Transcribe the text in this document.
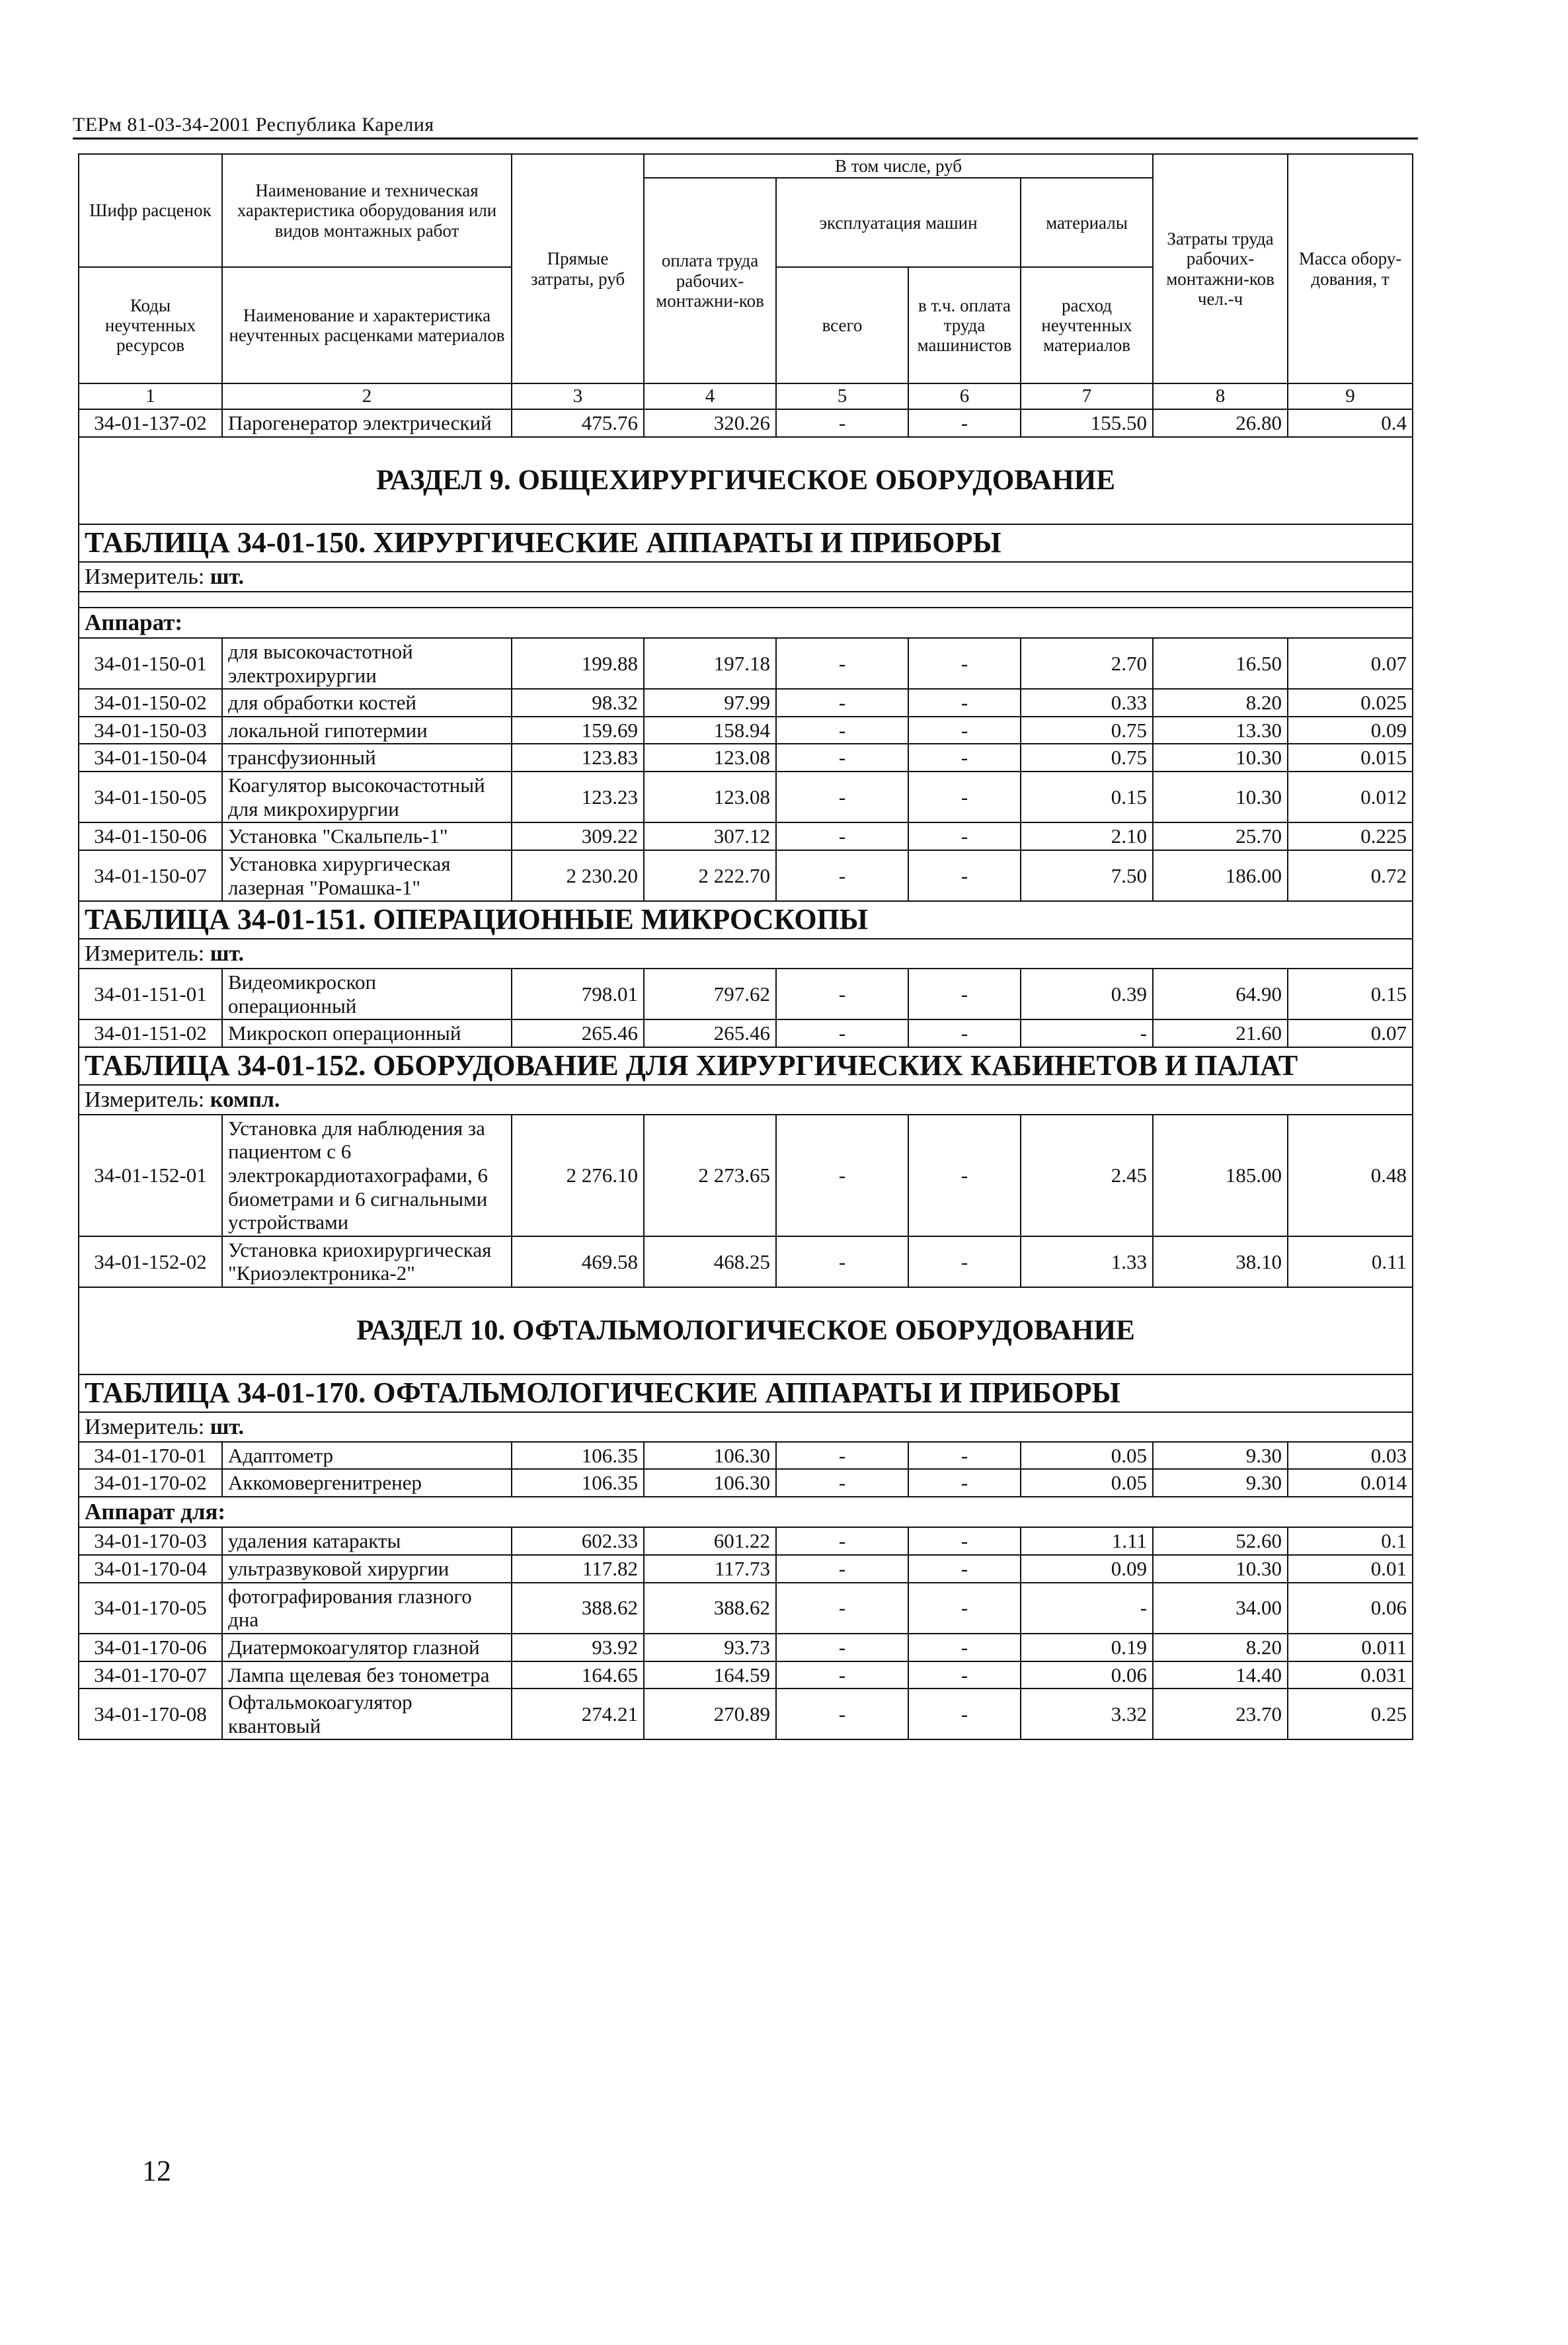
ТЕРм 81-03-34-2001 Республика Карелия
Шифр расценок	Наименование и техническая характеристика оборудования или видов монтажных работ	Прямые затраты, руб	В том числе, руб				Затраты труда рабочих-монтажни-ков чел.-ч	Масса обору-дования, т
			оплата труда рабочих-монтажни-ков	эксплуатация машин		материалы		
Коды неучтенных ресурсов	Наименование и характеристика неучтенных расценками материалов			всего	в т.ч. оплата труда машинистов	расход неучтенных материалов		

1	2	3	4	5	6	7	8	9
34-01-137-02	Парогенератор электрический	475.76	320.26	-	-	155.50	26.80	0.4
РАЗДЕЛ 9. ОБЩЕХИРУРГИЧЕСКОЕ ОБОРУДОВАНИЕ								
ТАБЛИЦА 34-01-150. ХИРУРГИЧЕСКИЕ АППАРАТЫ И ПРИБОРЫ								
Измеритель: шт.								

Аппарат:								
34-01-150-01	для высокочастотной электрохирургии	199.88	197.18	-	-	2.70	16.50	0.07
34-01-150-02	для обработки костей	98.32	97.99	-	-	0.33	8.20	0.025
34-01-150-03	локальной гипотермии	159.69	158.94	-	-	0.75	13.30	0.09
34-01-150-04	трансфузионный	123.83	123.08	-	-	0.75	10.30	0.015
34-01-150-05	Коагулятор высокочастотный для микрохирургии	123.23	123.08	-	-	0.15	10.30	0.012
34-01-150-06	Установка "Скальпель-1"	309.22	307.12	-	-	2.10	25.70	0.225
34-01-150-07	Установка хирургическая лазерная "Ромашка-1"	2 230.20	2 222.70	-	-	7.50	186.00	0.72
ТАБЛИЦА 34-01-151. ОПЕРАЦИОННЫЕ МИКРОСКОПЫ								
Измеритель: шт.								
34-01-151-01	Видеомикроскоп операционный	798.01	797.62	-	-	0.39	64.90	0.15
34-01-151-02	Микроскоп операционный	265.46	265.46	-	-	-	21.60	0.07
ТАБЛИЦА 34-01-152. ОБОРУДОВАНИЕ ДЛЯ ХИРУРГИЧЕСКИХ КАБИНЕТОВ И ПАЛАТ								
Измеритель: компл.								
34-01-152-01	Установка для наблюдения за пациентом с 6 электрокардиотахографами, 6 биометрами и 6 сигнальными устройствами	2 276.10	2 273.65	-	-	2.45	185.00	0.48
34-01-152-02	Установка криохирургическая "Криоэлектроника-2"	469.58	468.25	-	-	1.33	38.10	0.11
РАЗДЕЛ 10. ОФТАЛЬМОЛОГИЧЕСКОЕ ОБОРУДОВАНИЕ								
ТАБЛИЦА 34-01-170. ОФТАЛЬМОЛОГИЧЕСКИЕ АППАРАТЫ И ПРИБОРЫ								
Измеритель: шт.								
34-01-170-01	Адаптометр	106.35	106.30	-	-	0.05	9.30	0.03
34-01-170-02	Аккомовергенитренер	106.35	106.30	-	-	0.05	9.30	0.014
Аппарат для:								
34-01-170-03	удаления катаракты	602.33	601.22	-	-	1.11	52.60	0.1
34-01-170-04	ультразвуковой хирургии	117.82	117.73	-	-	0.09	10.30	0.01
34-01-170-05	фотографирования глазного дна	388.62	388.62	-	-	-	34.00	0.06
34-01-170-06	Диатермокоагулятор глазной	93.92	93.73	-	-	0.19	8.20	0.011
34-01-170-07	Лампа щелевая без тонометра	164.65	164.59	-	-	0.06	14.40	0.031
34-01-170-08	Офтальмокоагулятор квантовый	274.21	270.89	-	-	3.32	23.70	0.25
12
